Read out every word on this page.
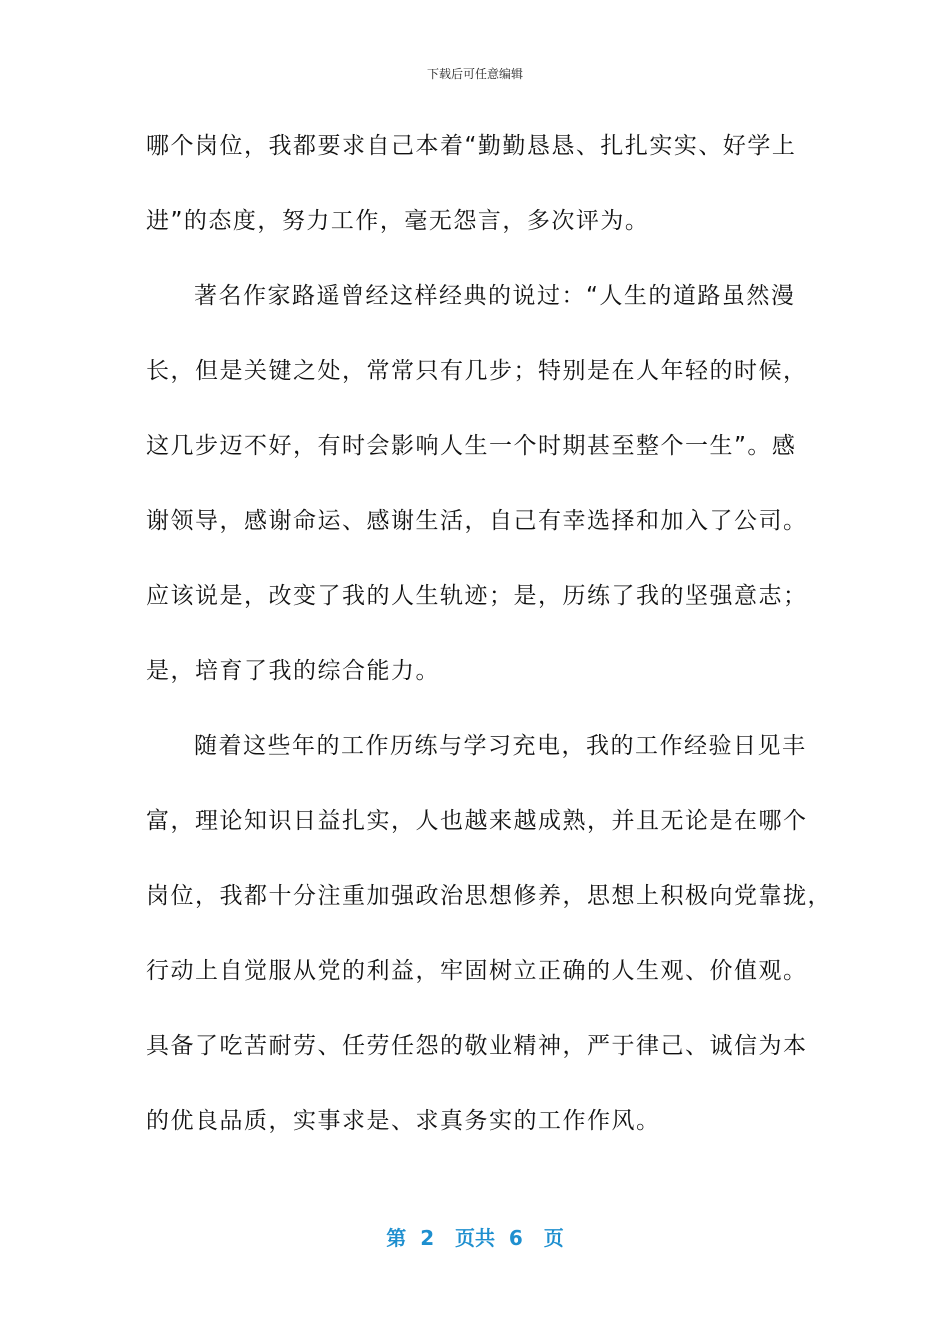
下载后可任意编辑
哪个岗位，我都要求自己本着“勤勤恳恳、扎扎实实、好学上
进”的态度，努力工作，毫无怨言，多次评为。
著名作家路遥曾经这样经典的说过：“人生的道路虽然漫
长，但是关键之处，常常只有几步；特别是在人年轻的时候，
这几步迈不好，有时会影响人生一个时期甚至整个一生”。感
谢领导，感谢命运、感谢生活，自己有幸选择和加入了公司。
应该说是，改变了我的人生轨迹；是，历练了我的坚强意志；
是，培育了我的综合能力。
随着这些年的工作历练与学习充电，我的工作经验日见丰
富，理论知识日益扎实，人也越来越成熟，并且无论是在哪个
岗位，我都十分注重加强政治思想修养，思想上积极向党靠拢，
行动上自觉服从党的利益，牢固树立正确的人生观、价值观。
具备了吃苦耐劳、任劳任怨的敬业精神，严于律己、诚信为本
的优良品质，实事求是、求真务实的工作作风。
第  2   页共  6   页
